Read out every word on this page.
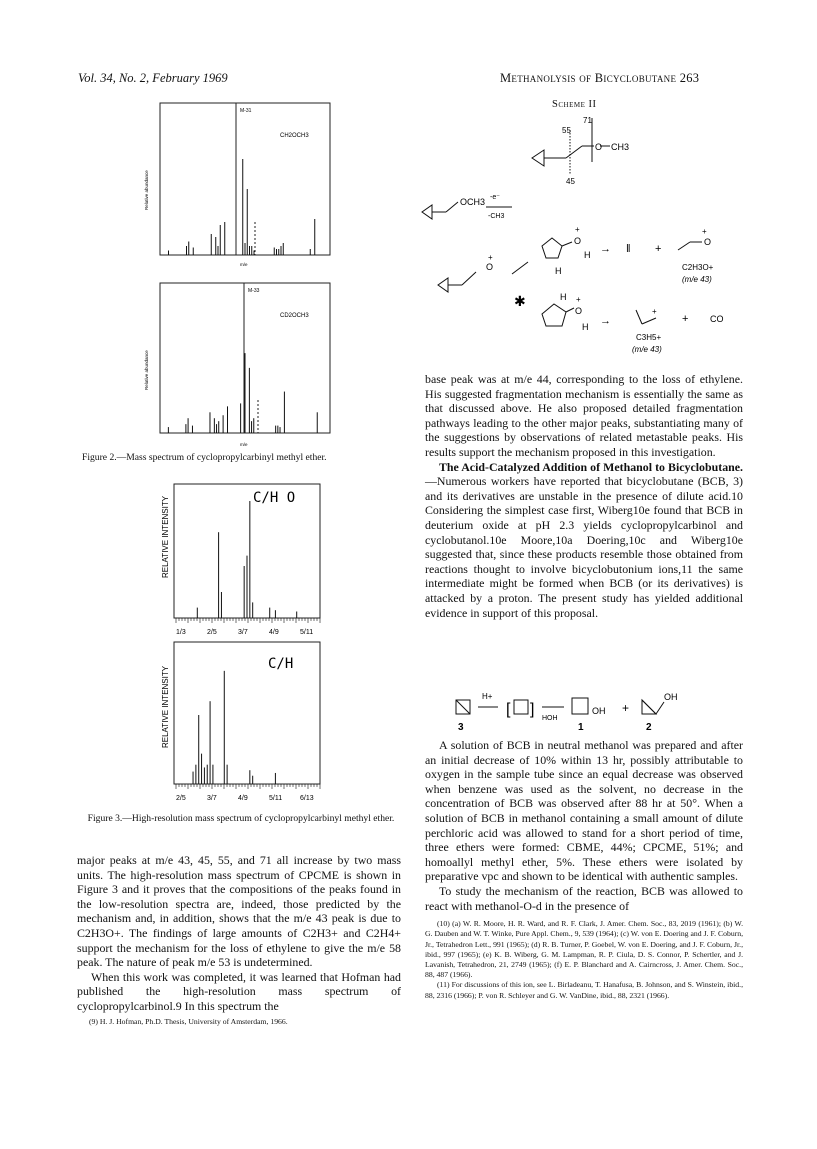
Vol. 34, No. 2, February 1969	Methanolysis of Bicyclobutane 263
M-31
CH2OCH3
M-33
CD2OCH3
Relative abundance
Relative abundance
m/e
m/e
Figure 2.—Mass spectrum of cyclopropylcarbinyl methyl ether.
C/H O
RELATIVE INTENSITY
1/3	2/5	3/7	4/9	5/11
C/H
RELATIVE INTENSITY
2/5	3/7	4/9	5/11	6/13
Figure 3.—High-resolution mass spectrum of cyclopropylcarbinyl methyl ether.

major peaks at m/e 43, 45, 55, and 71 all increase by two mass units. The high-resolution mass spectrum of CPCME is shown in Figure 3 and it proves that the compositions of the peaks found in the low-resolution spectra are, indeed, those predicted by the mechanism and, in addition, shows that the m/e 43 peak is due to C2H3O+. The findings of large amounts of C2H3+ and C2H4+ support the mechanism for the loss of ethylene to give the m/e 58 peak. The nature of peak m/e 53 is undetermined.

When this work was completed, it was learned that Hofman had published the high-resolution mass spectrum of cyclopropylcarbinol.9 In this spectrum the

(9) H. J. Hofman, Ph.D. Thesis, University of Amsterdam, 1966.

Scheme II
71
55
O CH3
45
OCH3 -e⁻
-CH3
O
+
✱
O
+
H
H
→ ‖ +
O
+
C2H3O+
(m/e 43)
H +
O
H →
+
+ CO
C3H5+
(m/e 43)

base peak was at m/e 44, corresponding to the loss of ethylene. His suggested fragmentation mechanism is essentially the same as that discussed above. He also proposed detailed fragmentation pathways leading to the other major peaks, substantiating many of the suggestions by observations of related metastable peaks. His results support the mechanism proposed in this investigation.

The Acid-Catalyzed Addition of Methanol to Bicyclobutane.—Numerous workers have reported that bicyclobutane (BCB, 3) and its derivatives are unstable in the presence of dilute acid.10 Considering the simplest case first, Wiberg10e found that BCB in deuterium oxide at pH 2.3 yields cyclopropylcarbinol and cyclobutanol.10e Moore,10a Doering,10c and Wiberg10e suggested that, since these products resemble those obtained from reactions thought to involve bicyclobutonium ions,11 the same intermediate might be formed when BCB (or its derivatives) is attacked by a proton. The present study has yielded additional evidence in support of this proposal.

H+
[ ]
HOH
OH +
OH
3	1	2

A solution of BCB in neutral methanol was prepared and after an initial decrease of 10% within 13 hr, possibly attributable to oxygen in the sample tube since an equal decrease was observed when benzene was used as the solvent, no decrease in the concentration of BCB was observed after 88 hr at 50°. When a solution of BCB in methanol containing a small amount of dilute perchloric acid was allowed to stand for a short period of time, three ethers were formed: CBME, 44%; CPCME, 51%; and homoallyl methyl ether, 5%. These ethers were isolated by preparative vpc and shown to be identical with authentic samples.

To study the mechanism of the reaction, BCB was allowed to react with methanol-O-d in the presence of

(10) (a) W. R. Moore, H. R. Ward, and R. F. Clark, J. Amer. Chem. Soc., 83, 2019 (1961); (b) W. G. Dauben and W. T. Winke, Pure Appl. Chem., 9, 539 (1964); (c) W. von E. Doering and J. F. Coburn, Jr., Tetrahedron Lett., 991 (1965); (d) R. B. Turner, P. Goebel, W. von E. Doering, and J. F. Coburn, Jr., ibid., 997 (1965); (e) K. B. Wiberg, G. M. Lampman, R. P. Ciula, D. S. Connor, P. Schertler, and J. Lavanish, Tetrahedron, 21, 2749 (1965); (f) E. P. Blanchard and A. Cairncross, J. Amer. Chem. Soc., 88, 487 (1966).

(11) For discussions of this ion, see L. Birladeanu, T. Hanafusa, B. Johnson, and S. Winstein, ibid., 88, 2316 (1966); P. von R. Schleyer and G. W. VanDine, ibid., 88, 2321 (1966).
